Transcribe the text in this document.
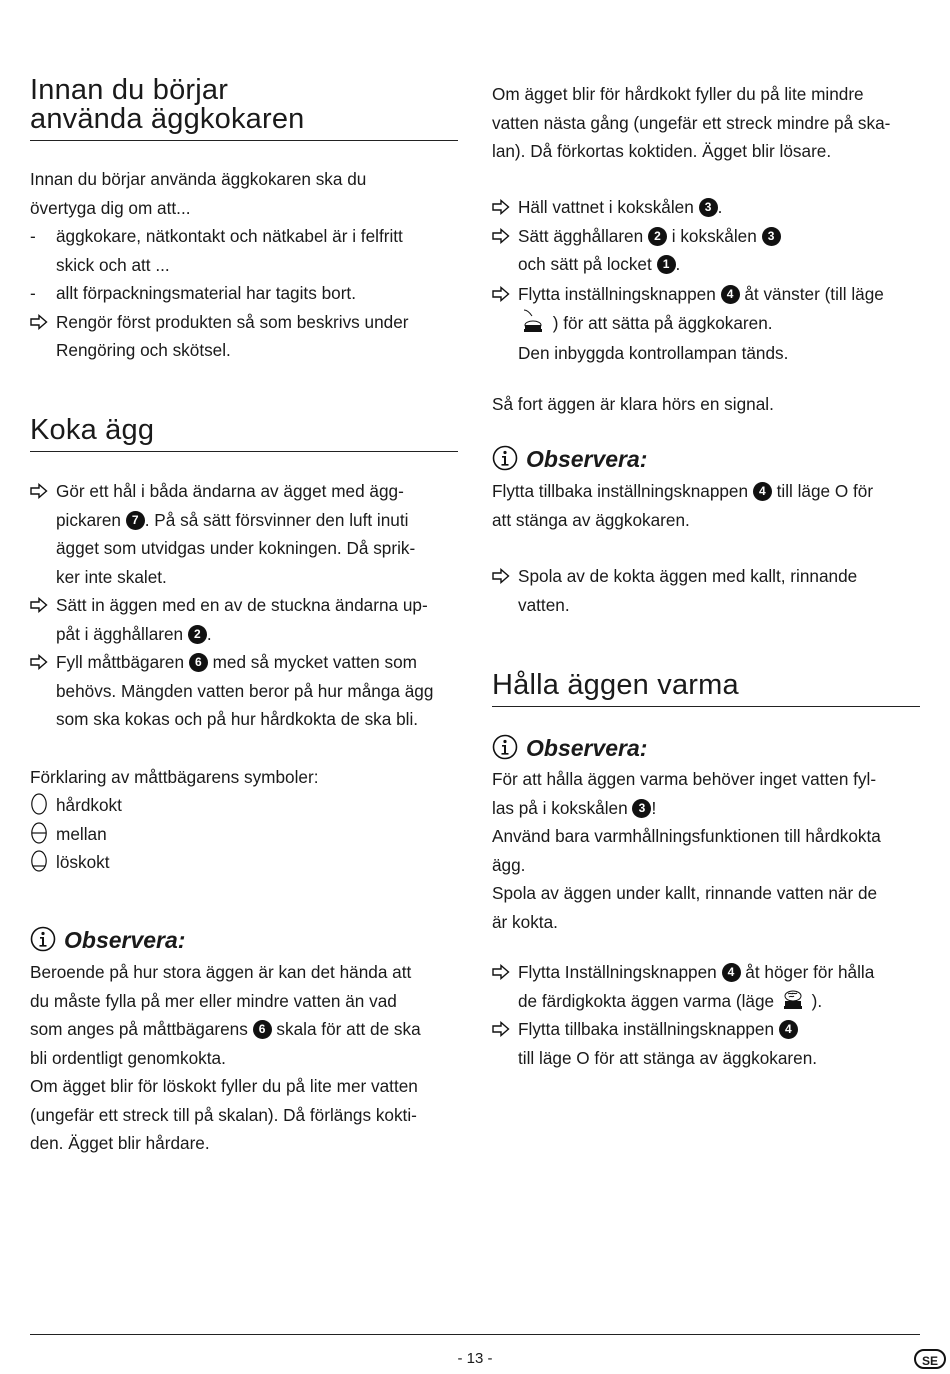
Innan du börjar
använda äggkokaren
Innan du börjar använda äggkokaren ska du
övertyga dig om att...
-	äggkokare, nätkontakt och nätkabel är i felfritt
skick och att ...
-	allt förpackningsmaterial har tagits bort.
Rengör först produkten så som beskrivs under
Rengöring och skötsel.
Koka ägg
Gör ett hål i båda ändarna av ägget med ägg-
pickaren 7 . På så sätt försvinner den luft inuti
ägget som utvidgas under kokningen. Då sprik-
ker inte skalet.
Sätt in äggen med en av de stuckna ändarna up-
påt i ägghållaren 2 .
Fyll måttbägaren 6 med så mycket vatten som
behövs. Mängden vatten beror på hur många ägg
som ska kokas och på hur hårdkokta de ska bli.
Förklaring av måttbägarens symboler:
hårdkokt
mellan
löskokt
Observera:
Beroende på hur stora äggen är kan det hända att
du måste fylla på mer eller mindre vatten än vad
som anges på måttbägarens 6 skala för att de ska
bli ordentligt genomkokta.
Om ägget blir för löskokt fyller du på lite mer vatten
(ungefär ett streck till på skalan). Då förlängs kokti-
den. Ägget blir hårdare.
Om ägget blir för hårdkokt fyller du på lite mindre
vatten nästa gång (ungefär ett streck mindre på ska-
lan). Då förkortas koktiden. Ägget blir lösare.
Häll vattnet i kokskålen 3 .
Sätt ägghållaren 2 i kokskålen 3
och sätt på locket 1 .
Flytta inställningsknappen 4 åt vänster (till läge
) för att sätta på äggkokaren.
Den inbyggda kontrollampan tänds.
Så fort äggen är klara hörs en signal.
Observera:
Flytta tillbaka inställningsknappen 4 till läge O för
att stänga av äggkokaren.
Spola av de kokta äggen med kallt, rinnande
vatten.
Hålla äggen varma
Observera:
För att hålla äggen varma behöver inget vatten fyl-
las på i kokskålen 3 !
Använd bara varmhållningsfunktionen till hårdkokta
ägg.
Spola av äggen under kallt, rinnande vatten när de
är kokta.
Flytta Inställningsknappen 4 åt höger för hålla
de färdigkokta äggen varma (läge  ).
Flytta tillbaka inställningsknappen 4
till läge O för att stänga av äggkokaren.
- 13 -	SE
